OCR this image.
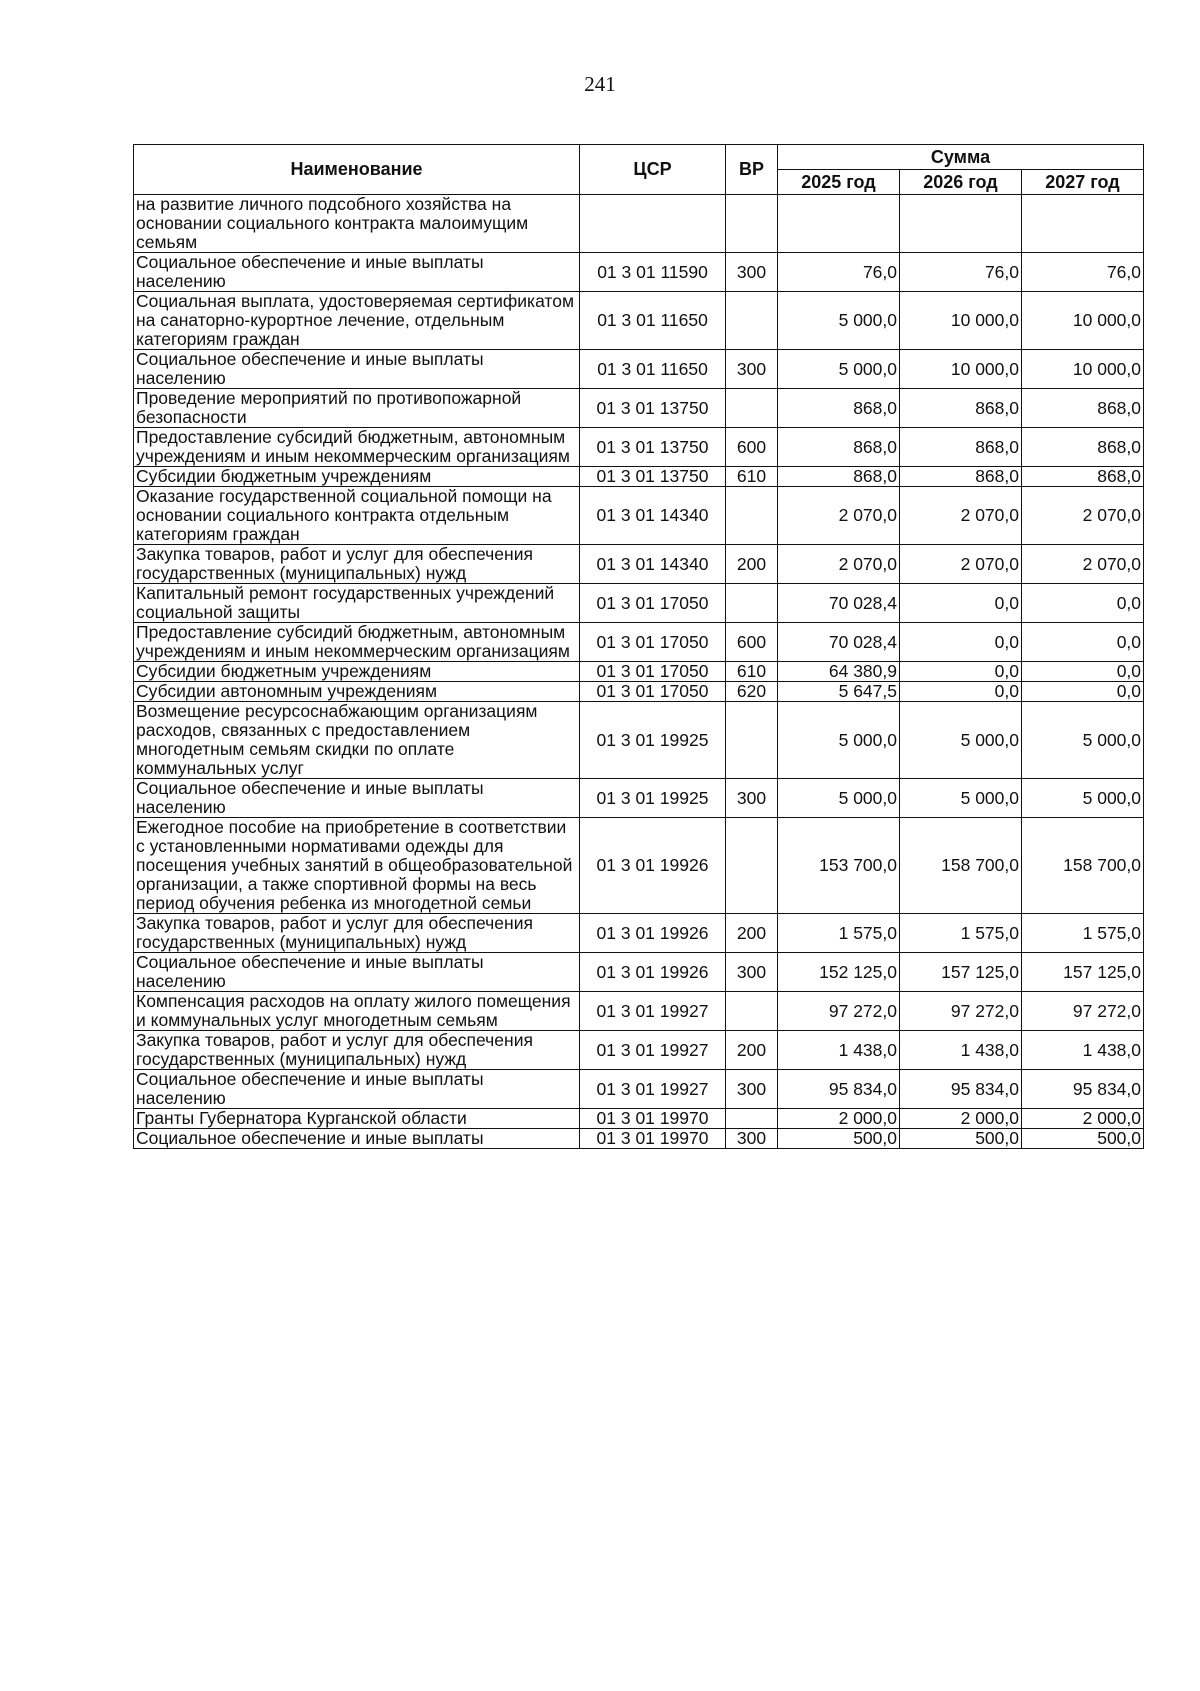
241
Наименование	ЦСР	ВР	Сумма		
			2025 год	2026 год	2027 год
на развитие личного подсобного хозяйства на основании социального контракта малоимущим семьям					
Социальное обеспечение и иные выплаты населению	01 3 01 11590	300	76,0	76,0	76,0
Социальная выплата, удостоверяемая сертификатом на санаторно-курортное лечение, отдельным категориям граждан	01 3 01 11650		5 000,0	10 000,0	10 000,0
Социальное обеспечение и иные выплаты населению	01 3 01 11650	300	5 000,0	10 000,0	10 000,0
Проведение мероприятий по противопожарной безопасности	01 3 01 13750		868,0	868,0	868,0
Предоставление субсидий бюджетным, автономным учреждениям и иным некоммерческим организациям	01 3 01 13750	600	868,0	868,0	868,0
Субсидии бюджетным учреждениям	01 3 01 13750	610	868,0	868,0	868,0
Оказание государственной социальной помощи на основании социального контракта отдельным категориям граждан	01 3 01 14340		2 070,0	2 070,0	2 070,0
Закупка товаров, работ и услуг для обеспечения государственных (муниципальных) нужд	01 3 01 14340	200	2 070,0	2 070,0	2 070,0
Капитальный ремонт государственных учреждений социальной защиты	01 3 01 17050		70 028,4	0,0	0,0
Предоставление субсидий бюджетным, автономным учреждениям и иным некоммерческим организациям	01 3 01 17050	600	70 028,4	0,0	0,0
Субсидии бюджетным учреждениям	01 3 01 17050	610	64 380,9	0,0	0,0
Субсидии автономным учреждениям	01 3 01 17050	620	5 647,5	0,0	0,0
Возмещение ресурсоснабжающим организациям расходов, связанных с предоставлением многодетным семьям скидки по оплате коммунальных услуг	01 3 01 19925		5 000,0	5 000,0	5 000,0
Социальное обеспечение и иные выплаты населению	01 3 01 19925	300	5 000,0	5 000,0	5 000,0
Ежегодное пособие на приобретение в соответствии с установленными нормативами одежды для посещения учебных занятий в общеобразовательной организации, а также спортивной формы на весь период обучения ребенка из многодетной семьи	01 3 01 19926		153 700,0	158 700,0	158 700,0
Закупка товаров, работ и услуг для обеспечения государственных (муниципальных) нужд	01 3 01 19926	200	1 575,0	1 575,0	1 575,0
Социальное обеспечение и иные выплаты населению	01 3 01 19926	300	152 125,0	157 125,0	157 125,0
Компенсация расходов на оплату жилого помещения и коммунальных услуг многодетным семьям	01 3 01 19927		97 272,0	97 272,0	97 272,0
Закупка товаров, работ и услуг для обеспечения государственных (муниципальных) нужд	01 3 01 19927	200	1 438,0	1 438,0	1 438,0
Социальное обеспечение и иные выплаты населению	01 3 01 19927	300	95 834,0	95 834,0	95 834,0
Гранты Губернатора Курганской области	01 3 01 19970		2 000,0	2 000,0	2 000,0
Социальное обеспечение и иные выплаты	01 3 01 19970	300	500,0	500,0	500,0
